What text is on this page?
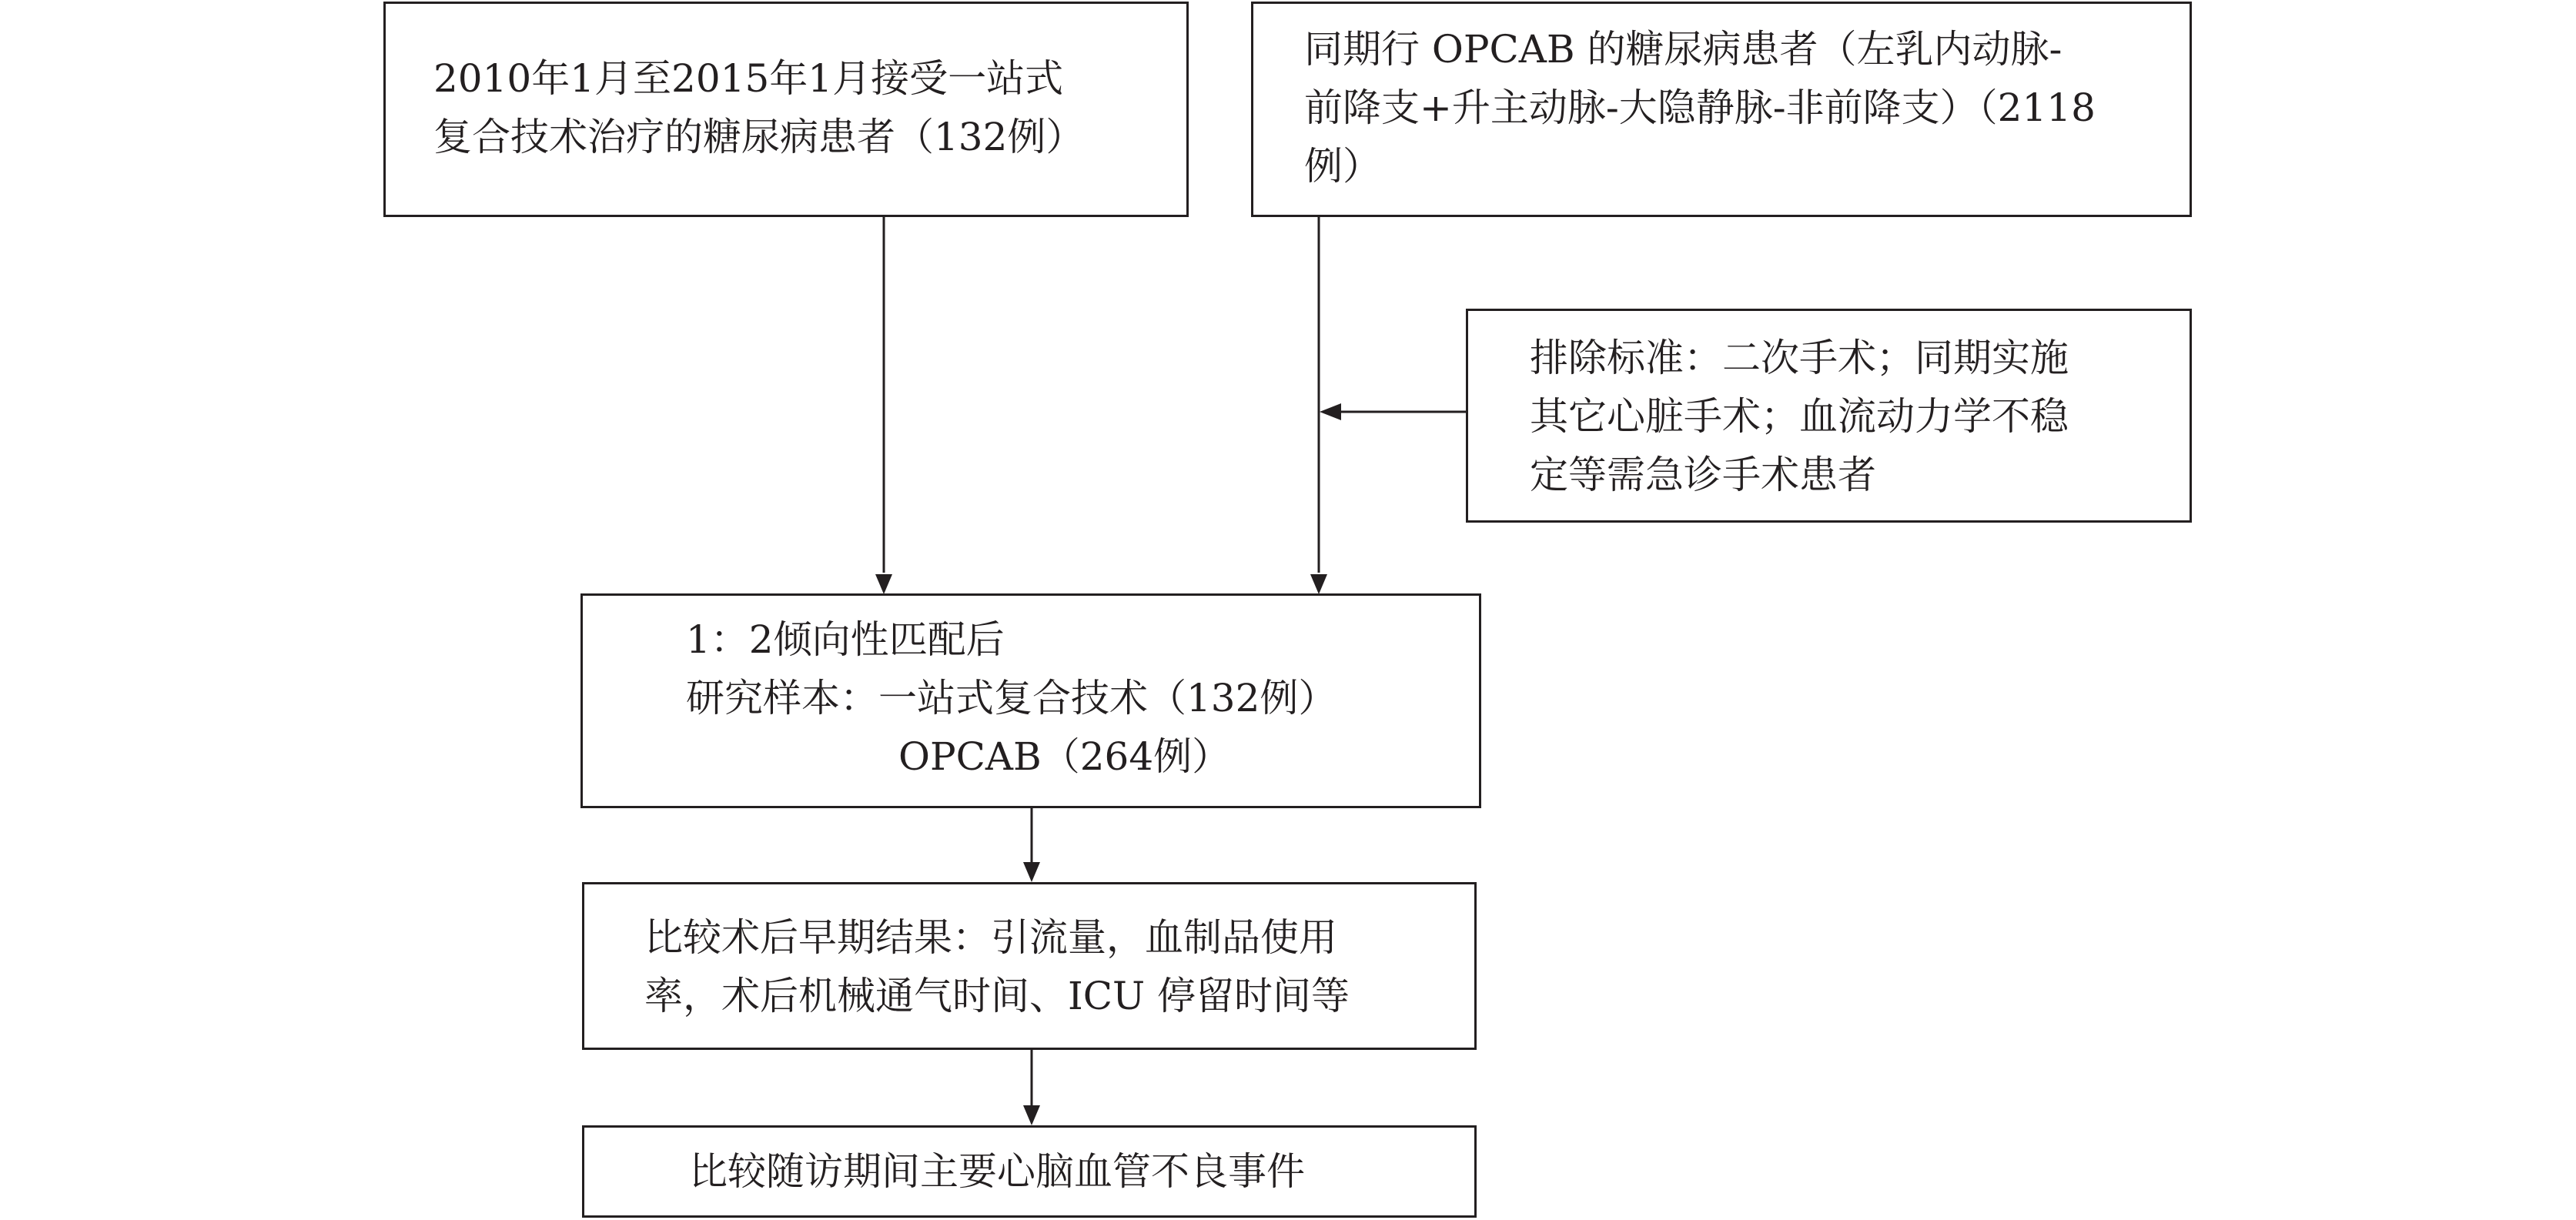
2010年1月至2015年1月接受一站式
复合技术治疗的糖尿病患者（132例）
同期行 OPCAB 的糖尿病患者（左乳内动脉-
前降支+升主动脉-大隐静脉-非前降支）（2118
例）
排除标准：二次手术；同期实施
其它心脏手术；血流动力学不稳
定等需急诊手术患者
1：2倾向性匹配后
研究样本：一站式复合技术（132例）
OPCAB（264例）
比较术后早期结果：引流量，血制品使用
率，术后机械通气时间、ICU 停留时间等
比较随访期间主要心脑血管不良事件
